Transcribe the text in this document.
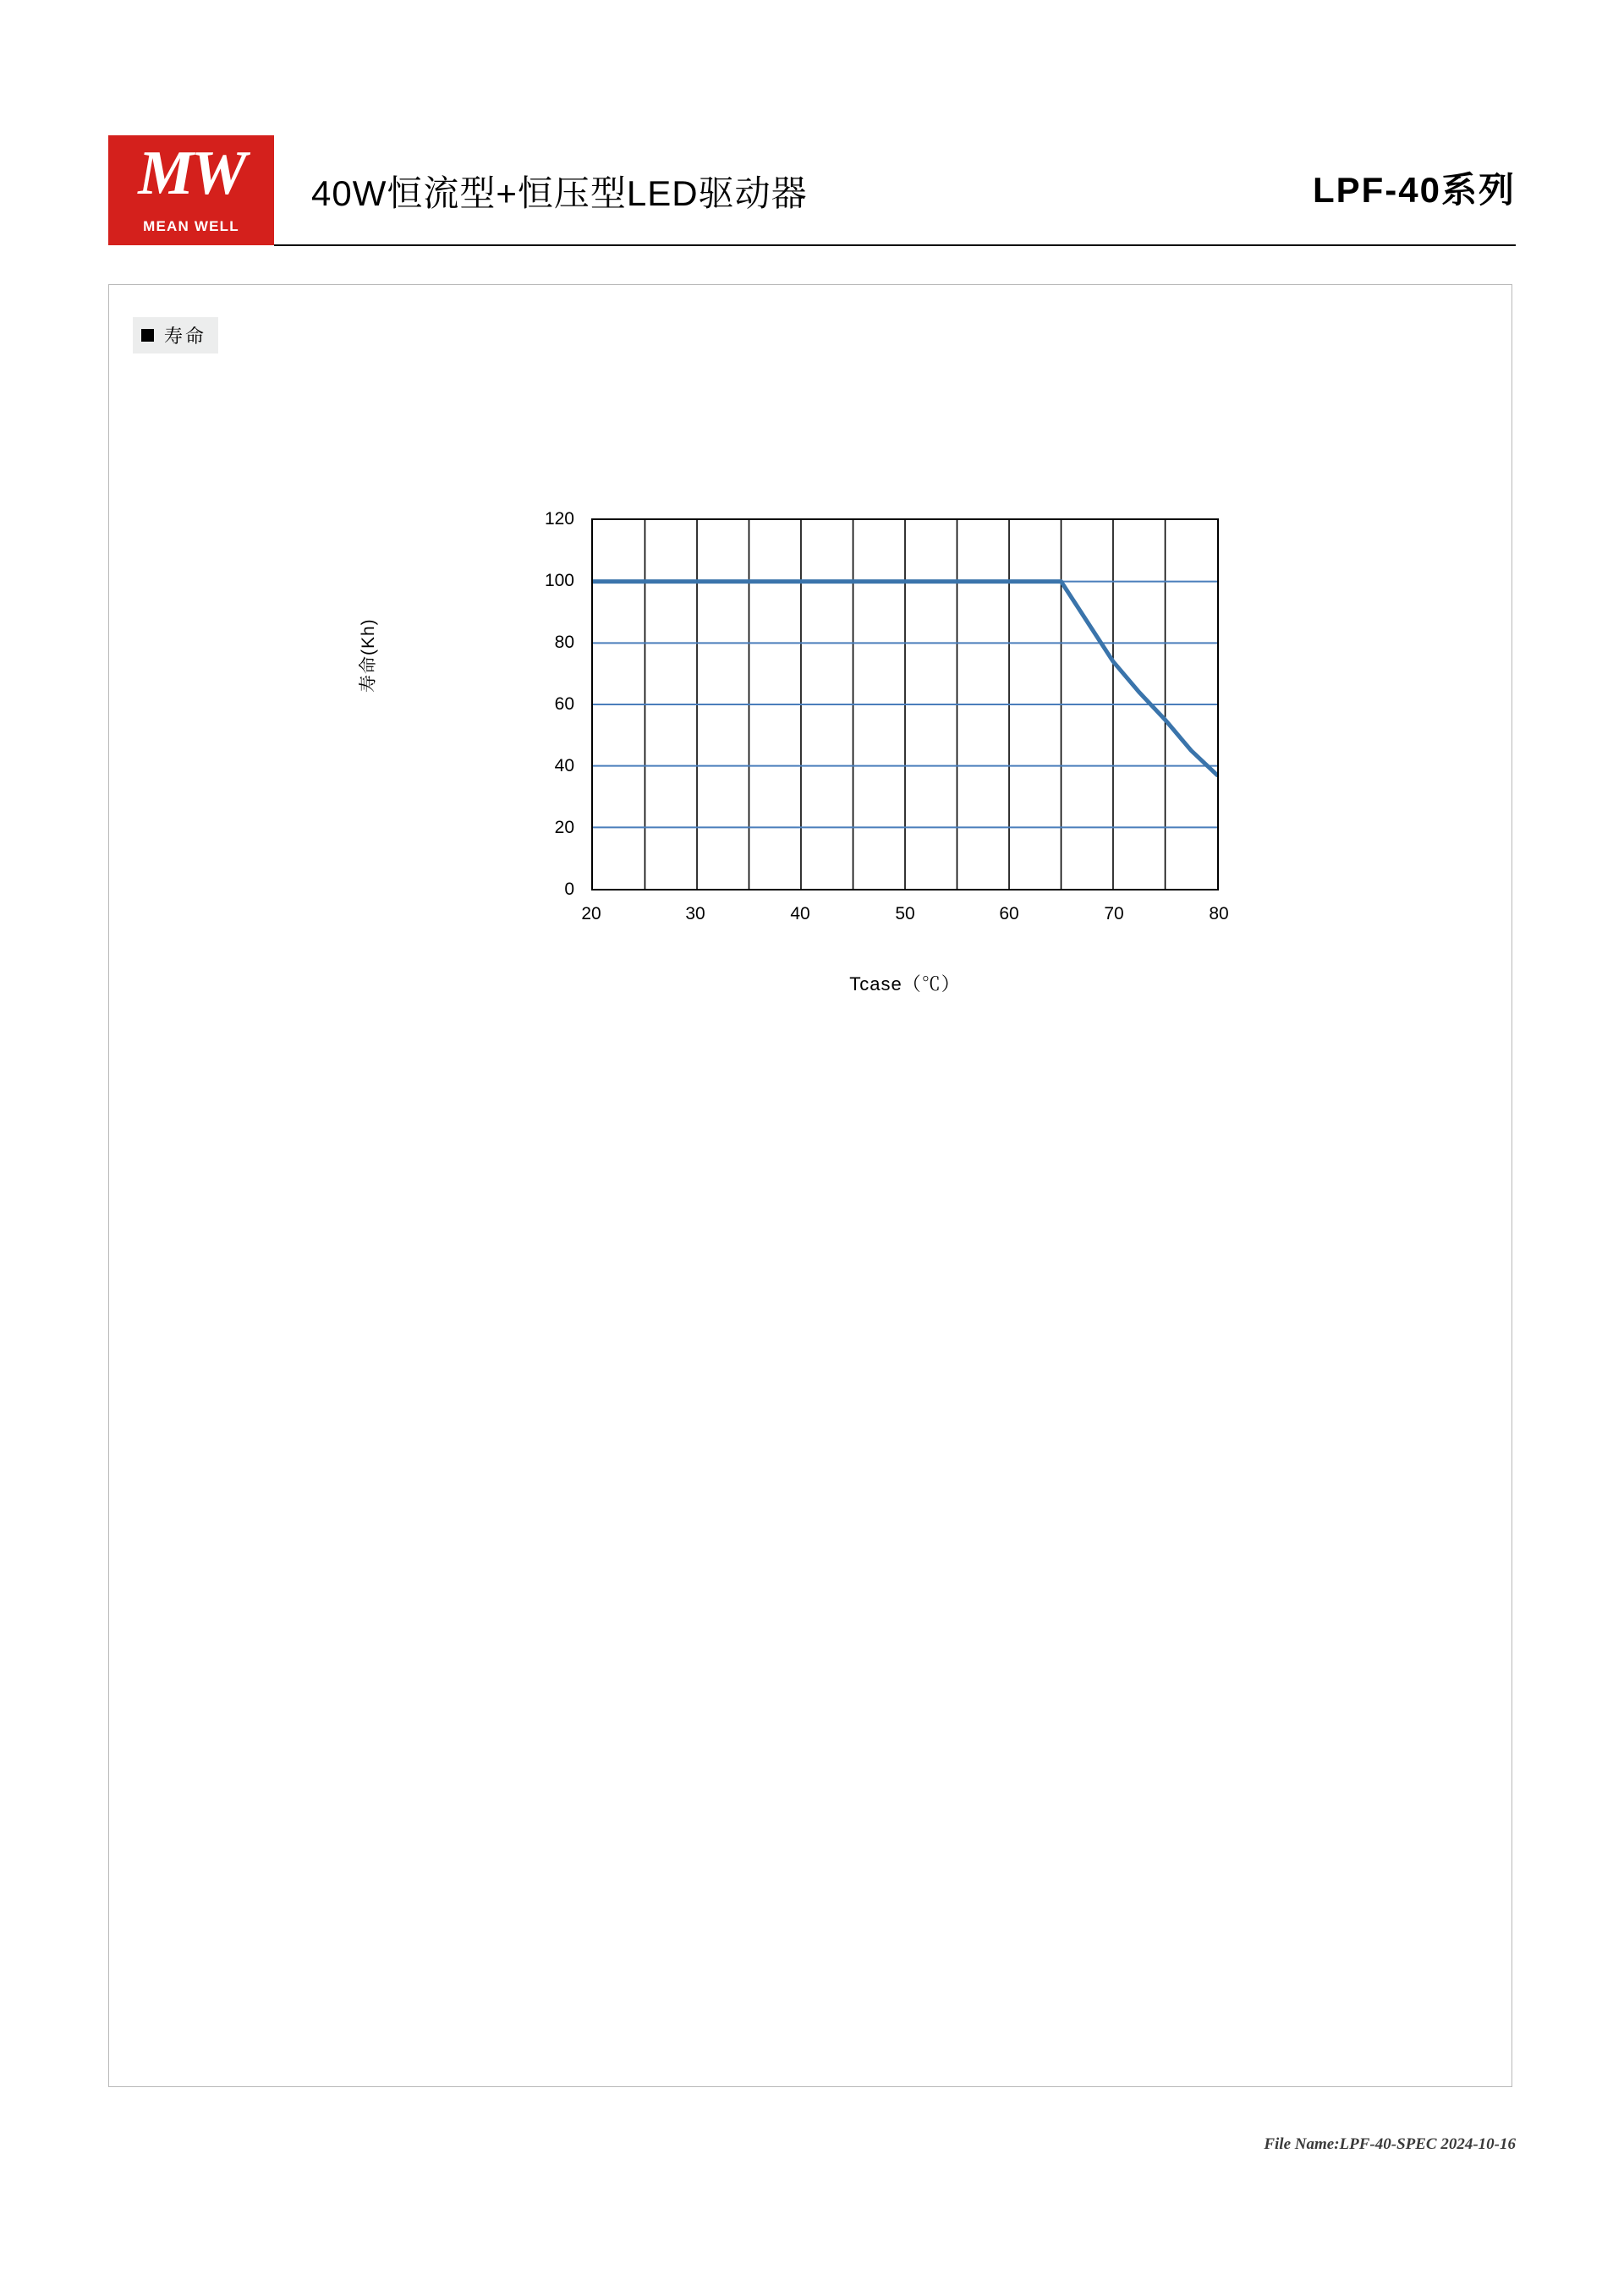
MW
MEAN WELL
40W恒流型+恒压型LED驱动器	LPF-40系列
寿命
寿命(Kh)
120
100
80
60
40
20
0
20	30	40	50	60	70	80
Tcase（℃）
File Name:LPF-40-SPEC 2024-10-16
